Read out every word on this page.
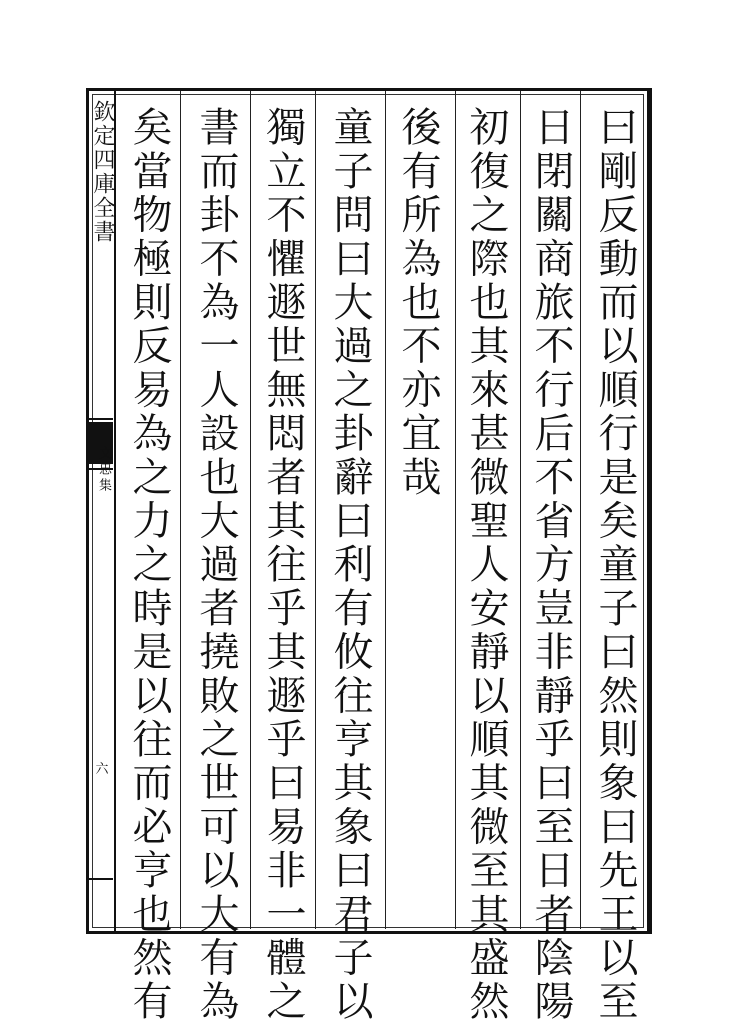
欽定四庫全書
文忠集
六	曰剛反動而以順行是矣童子曰然則象曰先王以至
日閉關商旅不行后不省方豈非靜乎曰至日者陰陽
初復之際也其來甚微聖人安靜以順其微至其盛然
後有所為也不亦宜哉
童子問曰大過之卦辭曰利有攸往亨其象曰君子以
獨立不懼遯世無悶者其往乎其遯乎曰易非一體之
書而卦不為一人設也大過者撓敗之世可以大有為
矣當物極則反易為之力之時是以往而必亨也然有
